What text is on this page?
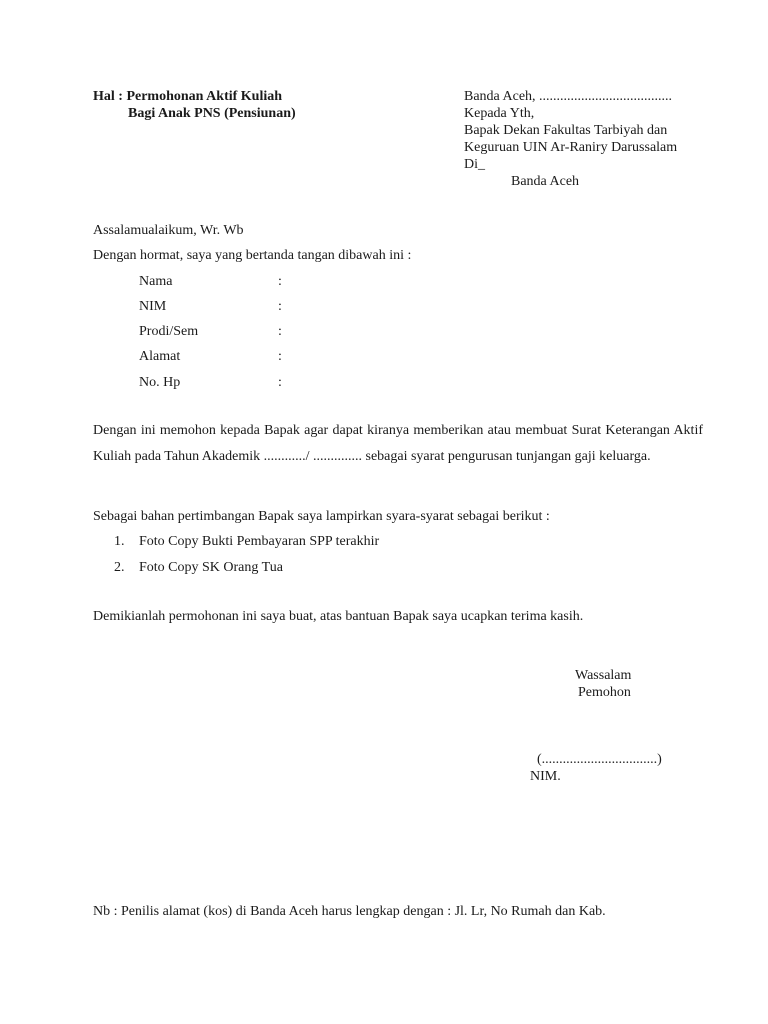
Hal : Permohonan Aktif Kuliah
Bagi Anak PNS (Pensiunan)
Banda Aceh, ......................................
Kepada Yth,
Bapak Dekan Fakultas Tarbiyah dan
Keguruan UIN Ar-Raniry Darussalam
Di_
Banda Aceh
Assalamualaikum, Wr. Wb
Dengan hormat, saya yang bertanda tangan dibawah ini :
Nama	:
NIM	:
Prodi/Sem	:
Alamat	:
No. Hp	:
Dengan ini memohon kepada Bapak agar dapat kiranya memberikan atau membuat Surat Keterangan Aktif Kuliah pada Tahun Akademik ............/ .............. sebagai syarat pengurusan tunjangan gaji keluarga.
Sebagai bahan pertimbangan Bapak saya lampirkan syara-syarat sebagai berikut :
1. Foto Copy Bukti Pembayaran SPP terakhir
2. Foto Copy SK Orang Tua
Demikianlah permohonan ini saya buat, atas bantuan Bapak saya ucapkan terima kasih.
Wassalam
Pemohon
(.................................)
NIM.
Nb : Penilis alamat (kos) di Banda Aceh harus lengkap dengan : Jl. Lr, No Rumah dan Kab.
